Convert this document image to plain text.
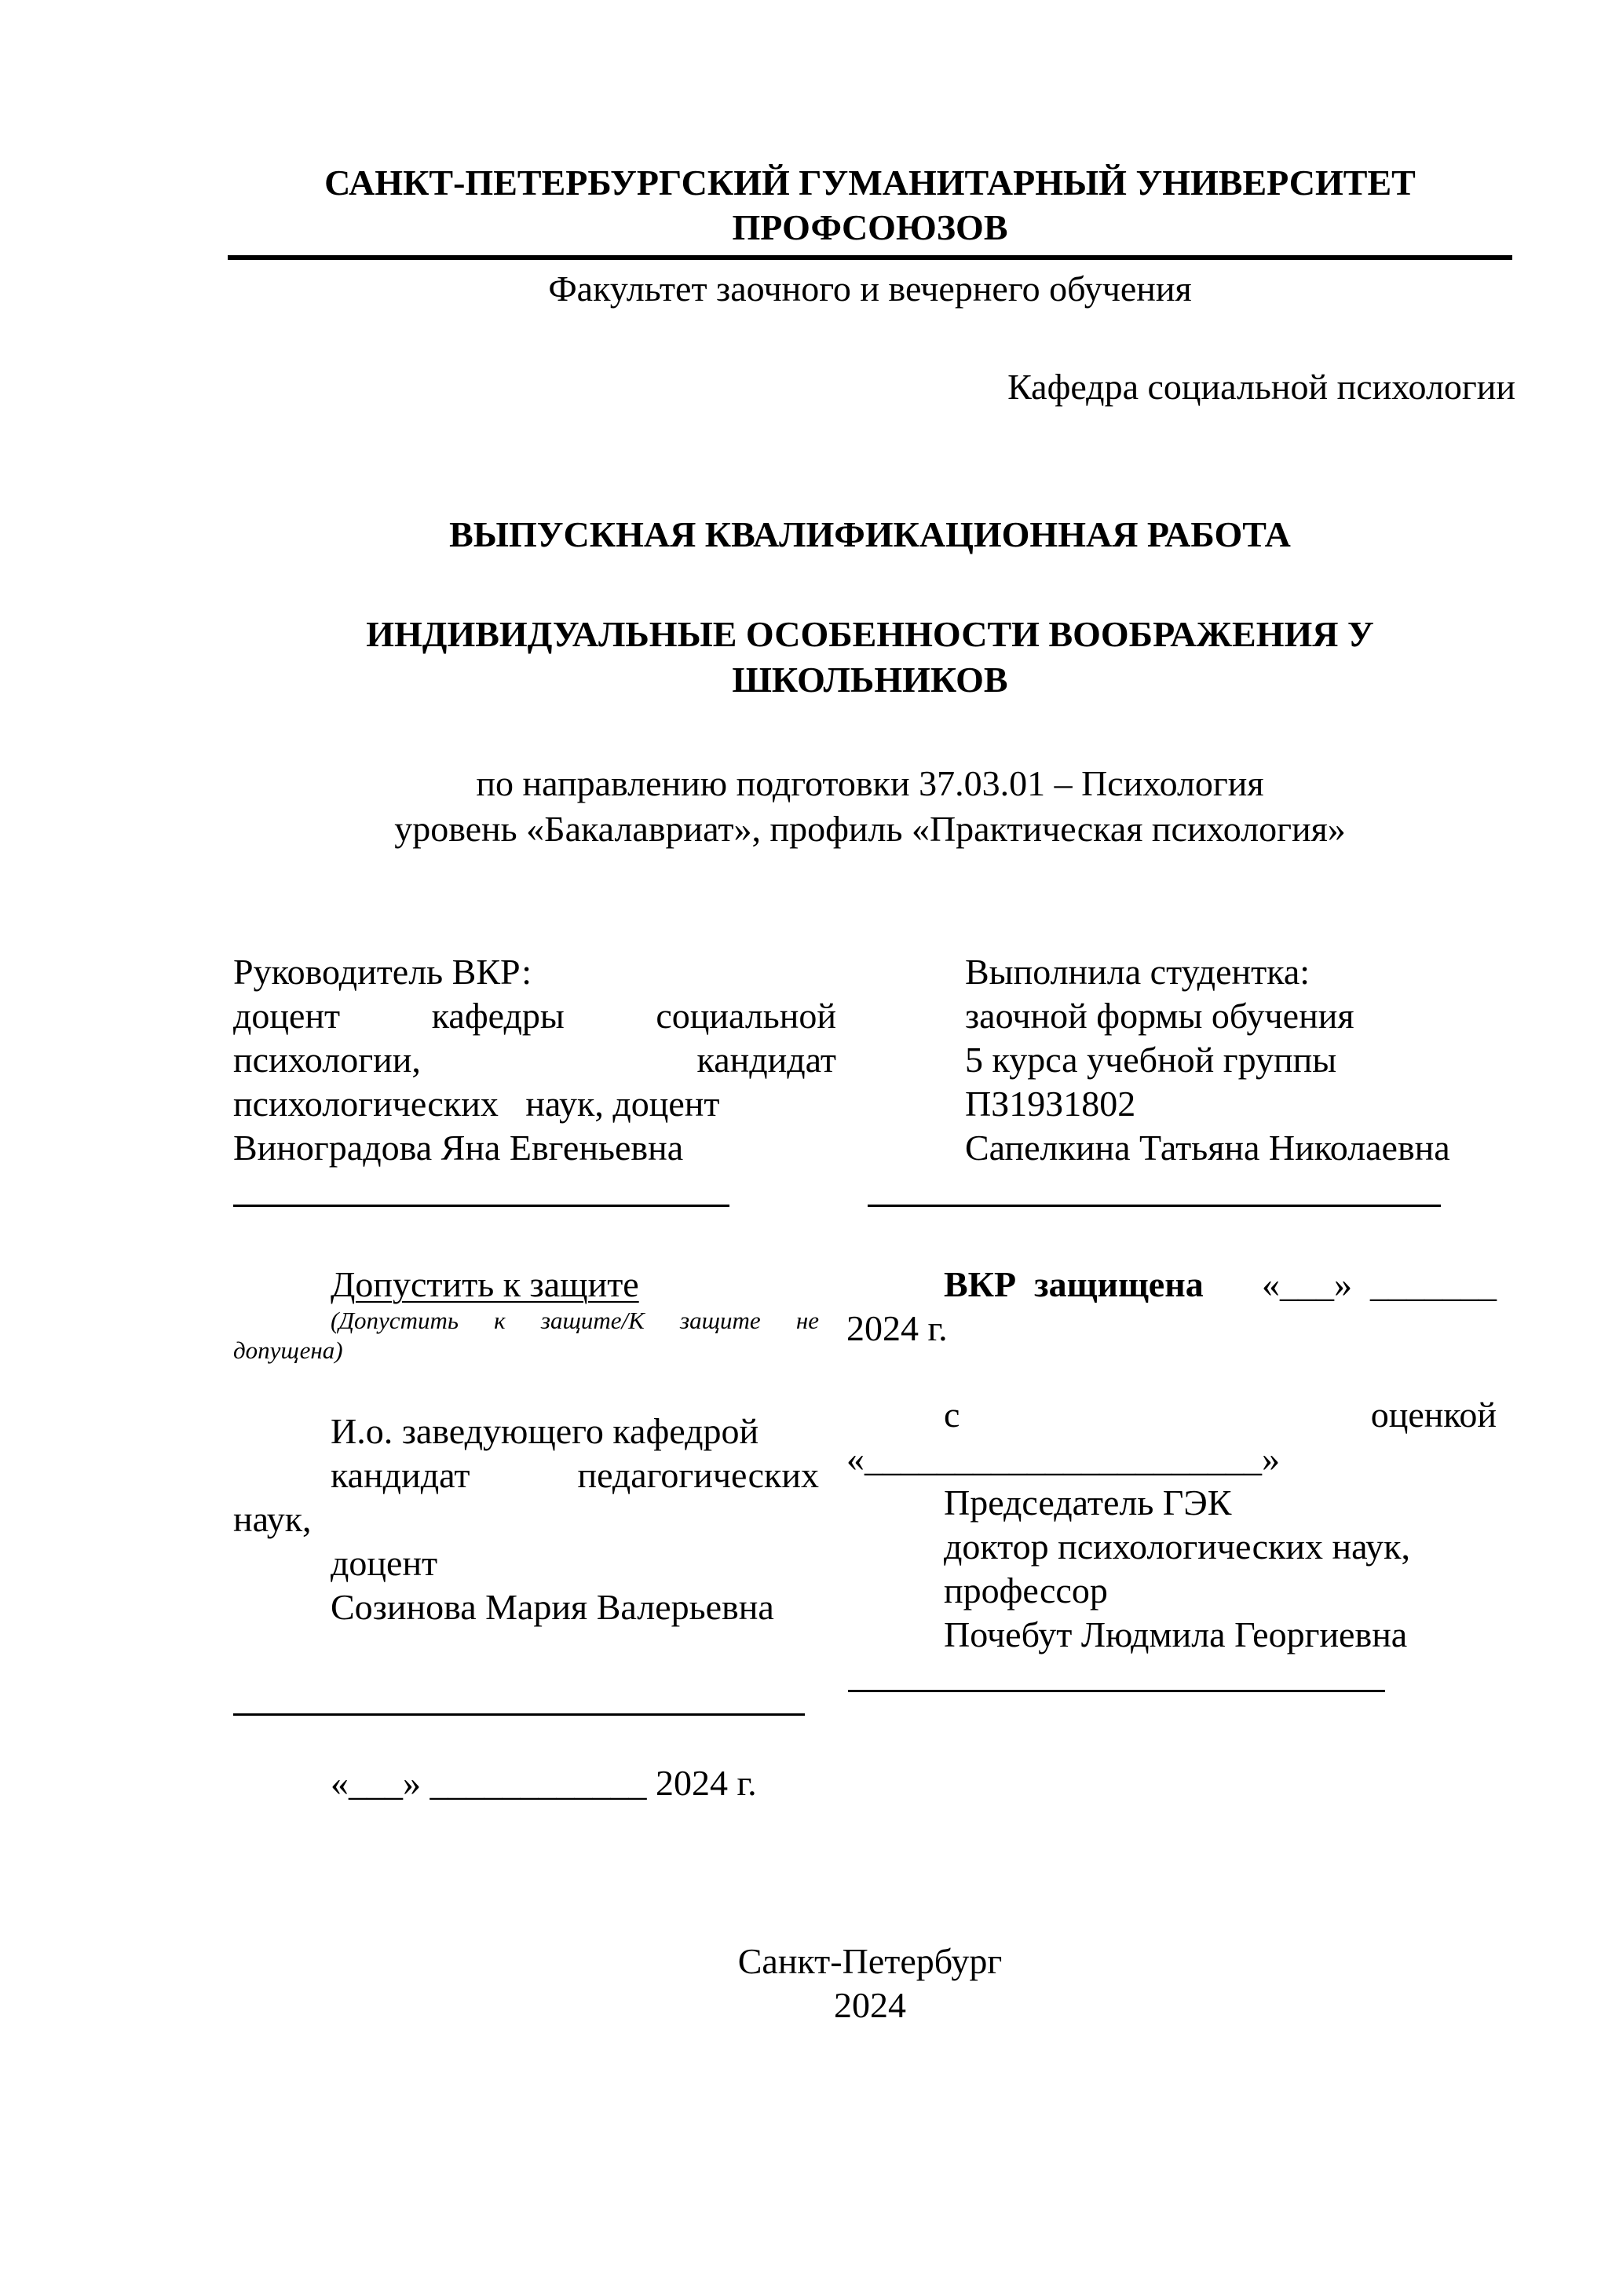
САНКТ-ПЕТЕРБУРГСКИЙ ГУМАНИТАРНЫЙ УНИВЕРСИТЕТ
ПРОФСОЮЗОВ
Факультет заочного и вечернего обучения
Кафедра социальной психологии
ВЫПУСКНАЯ КВАЛИФИКАЦИОННАЯ РАБОТА
ИНДИВИДУАЛЬНЫЕ ОСОБЕННОСТИ ВООБРАЖЕНИЯ У
ШКОЛЬНИКОВ
по направлению подготовки 37.03.01 – Психология
уровень «Бакалавриат», профиль «Практическая психология»
Руководитель ВКР:
доцент	кафедры	социальной
психологии,	кандидат
психологических   наук, доцент
Виноградова Яна Евгеньевна
Выполнила студентка:
заочной формы обучения
5 курса учебной группы
ПЗ19З1802
Сапелкина Татьяна Николаевна
Допустить к защите
(Допустить к защите/К защите не
допущена)
И.о. заведующего кафедрой
кандидат	педагогических
наук,
доцент
Созинова Мария Валерьевна
«___» ____________ 2024 г.
ВКР  защищена «___»  _______
2024 г.
с	оценкой
«______________________»
Председатель ГЭК
доктор психологических наук,
профессор
Почебут Людмила Георгиевна
Санкт-Петербург
2024
